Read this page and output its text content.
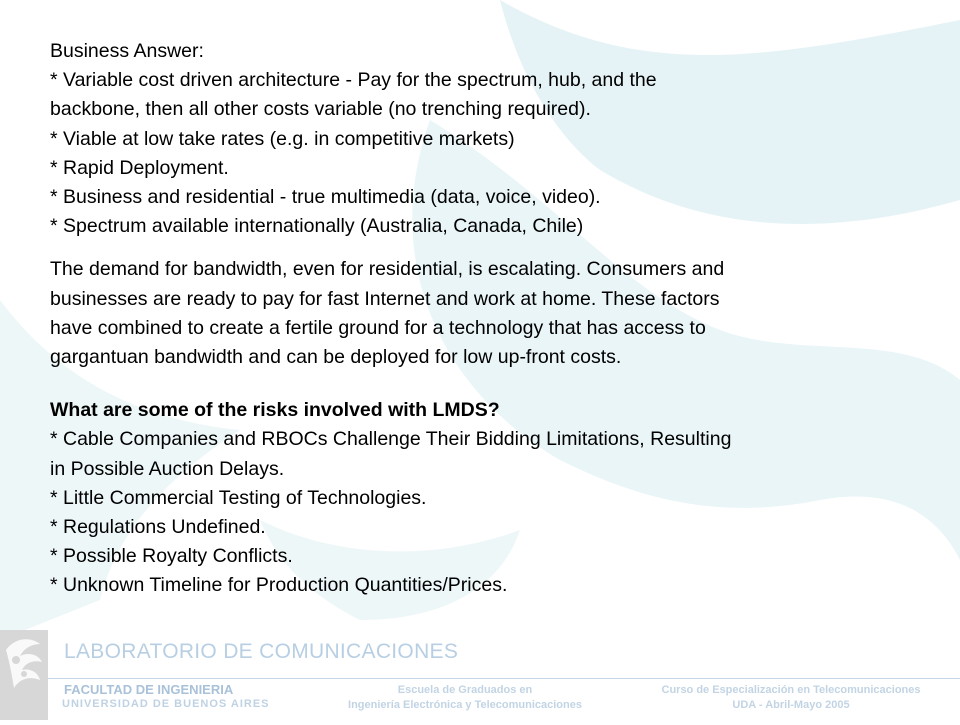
Business Answer:
* Variable cost driven architecture - Pay for the spectrum, hub, and the
backbone, then all other costs variable (no trenching required).
* Viable at low take rates (e.g. in competitive markets)
* Rapid Deployment.
* Business and residential - true multimedia (data, voice, video).
* Spectrum available internationally (Australia, Canada, Chile)
The demand for bandwidth, even for residential, is escalating. Consumers and
businesses are ready to pay for fast Internet and work at home. These factors
have combined to create a fertile ground for a technology that has access to
gargantuan bandwidth and can be deployed for low up-front costs.
What are some of the risks involved with LMDS?
* Cable Companies and RBOCs Challenge Their Bidding Limitations, Resulting
in Possible Auction Delays.
* Little Commercial Testing of Technologies.
* Regulations Undefined.
* Possible Royalty Conflicts.
* Unknown Timeline for Production Quantities/Prices.
LABORATORIO DE COMUNICACIONES
FACULTAD DE INGENIERIA
UNIVERSIDAD DE BUENOS AIRES
Escuela de Graduados en
Ingeniería Electrónica y Telecomunicaciones
Curso de Especialización en Telecomunicaciones
UDA - Abril-Mayo 2005
